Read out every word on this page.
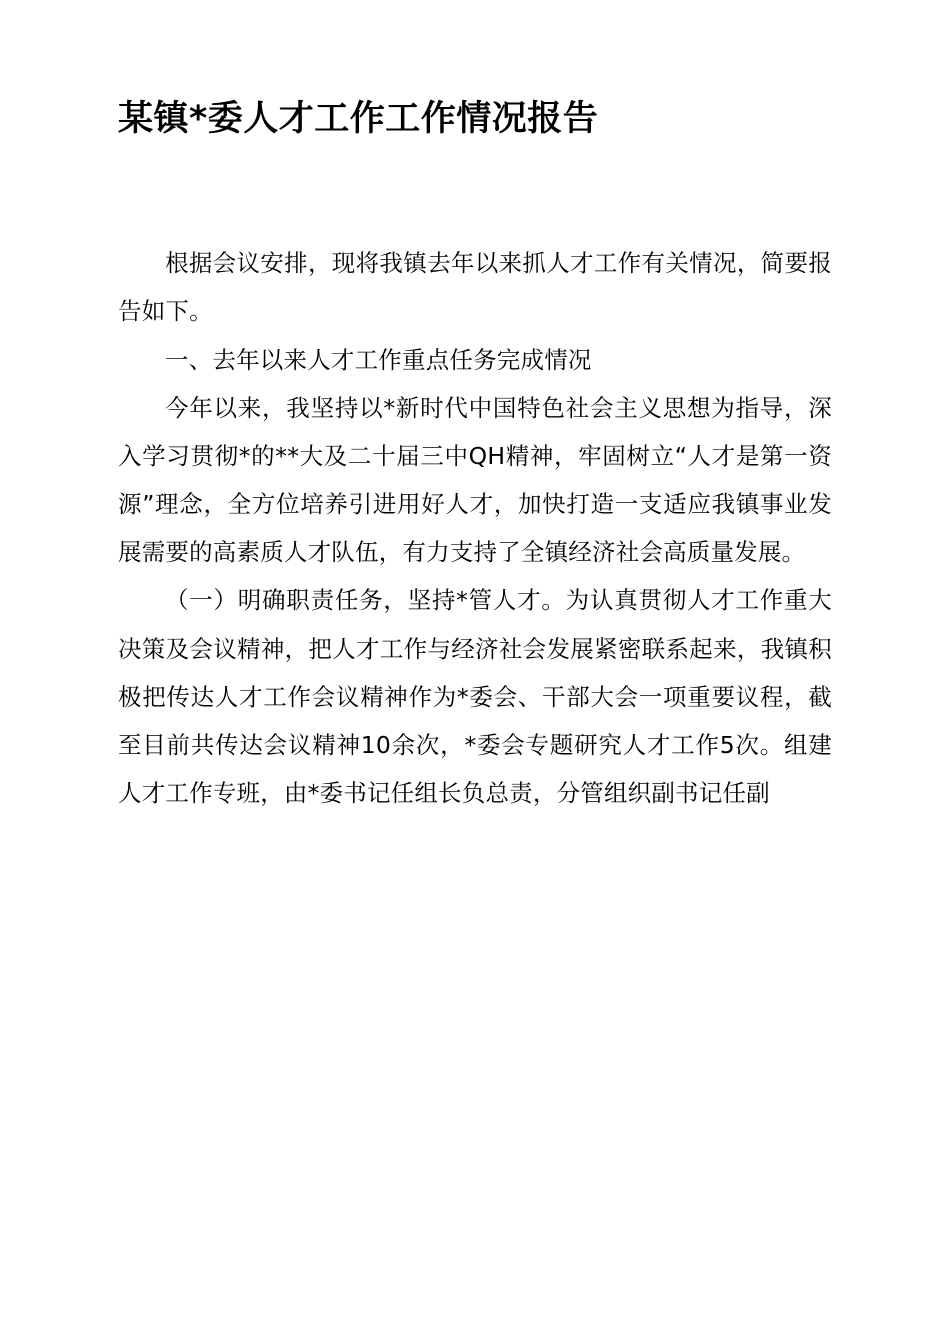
某镇*委人才工作工作情况报告

根据会议安排，现将我镇去年以来抓人才工作有关情况，简要报告如下。

一、去年以来人才工作重点任务完成情况

今年以来，我坚持以*新时代中国特色社会主义思想为指导，深入学习贯彻*的**大及二十届三中QH精神，牢固树立“人才是第一资源”理念，全方位培养引进用好人才，加快打造一支适应我镇事业发展需要的高素质人才队伍，有力支持了全镇经济社会高质量发展。

（一）明确职责任务，坚持*管人才。为认真贯彻人才工作重大决策及会议精神，把人才工作与经济社会发展紧密联系起来，我镇积极把传达人才工作会议精神作为*委会、干部大会一项重要议程，截至目前共传达会议精神10余次，*委会专题研究人才工作5次。组建人才工作专班，由*委书记任组长负总责，分管组织副书记任副
